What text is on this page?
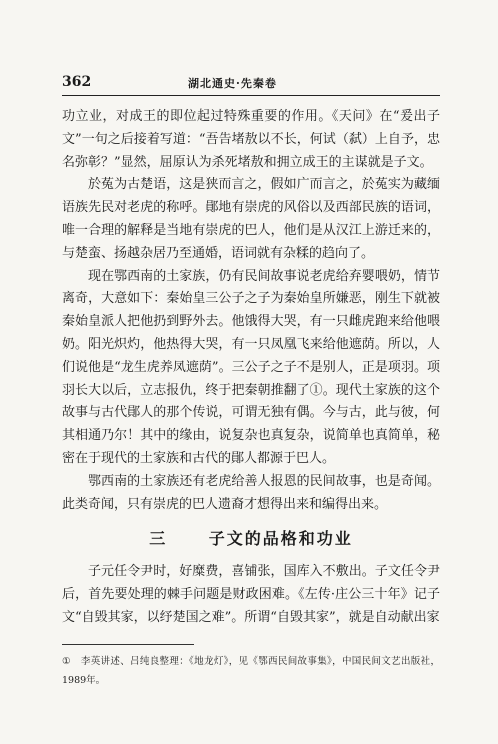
362	湖北通史·先秦卷

功立业，对成王的即位起过特殊重要的作用。《天问》在“爰出子文”一句之后接着写道：“吾告堵敖以不长，何试（弑）上自予，忠名弥彰？”显然，屈原认为杀死堵敖和拥立成王的主谋就是子文。

於菟为古楚语，这是狭而言之，假如广而言之，於菟实为藏缅语族先民对老虎的称呼。鄖地有崇虎的风俗以及西部民族的语词，唯一合理的解释是当地有崇虎的巴人，他们是从汉江上游迁来的，与楚蛮、扬越杂居乃至通婚，语词就有杂糅的趋向了。

现在鄂西南的土家族，仍有民间故事说老虎给弃婴喂奶，情节离奇，大意如下：秦始皇三公子之子为秦始皇所嫌恶，刚生下就被秦始皇派人把他扔到野外去。他饿得大哭，有一只雌虎跑来给他喂奶。阳光炽灼，他热得大哭，有一只凤凰飞来给他遮荫。所以，人们说他是“龙生虎养凤遮荫”。三公子之子不是别人，正是项羽。项羽长大以后，立志报仇，终于把秦朝推翻了①。现代土家族的这个故事与古代鄖人的那个传说，可谓无独有偶。今与古，此与彼，何其相通乃尔！其中的缘由，说复杂也真复杂，说简单也真简单，秘密在于现代的土家族和古代的鄖人都源于巴人。

鄂西南的土家族还有老虎给善人报恩的民间故事，也是奇闻。此类奇闻，只有崇虎的巴人遗裔才想得出来和编得出来。

三	子文的品格和功业

子元任令尹时，好糜费，喜铺张，国库入不敷出。子文任令尹后，首先要处理的棘手问题是财政困难。《左传·庄公三十年》记子文“自毁其家，以纾楚国之难”。所谓“自毁其家”，就是自动献出家

① 李英讲述、吕纯良整理：《地龙灯》，见《鄂西民间故事集》，中国民间文艺出版社，1989年。
